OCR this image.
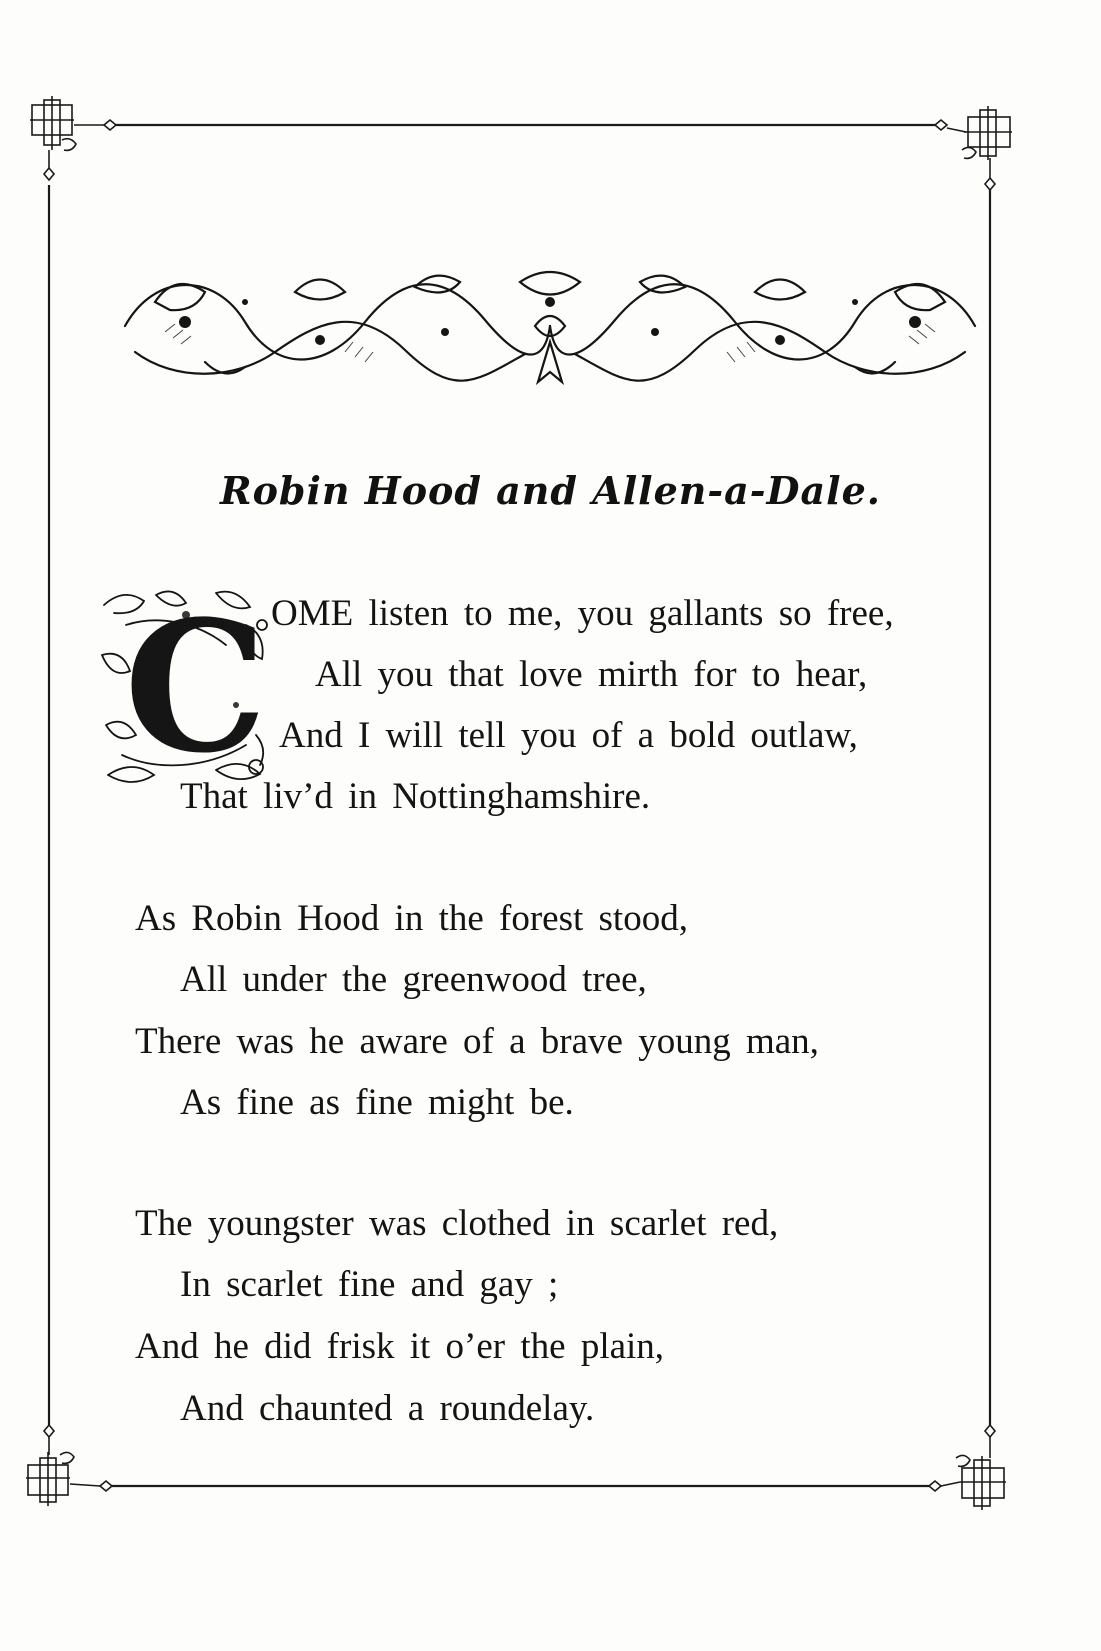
Robin Hood and Allen-a-Dale.
C OME listen to me, you gallants so free,
All you that love mirth for to hear,
And I will tell you of a bold outlaw,
That liv’d in Nottinghamshire.
As Robin Hood in the forest stood,
All under the greenwood tree,
There was he aware of a brave young man,
As fine as fine might be.
The youngster was clothed in scarlet red,
In scarlet fine and gay ;
And he did frisk it o’er the plain,
And chaunted a roundelay.
